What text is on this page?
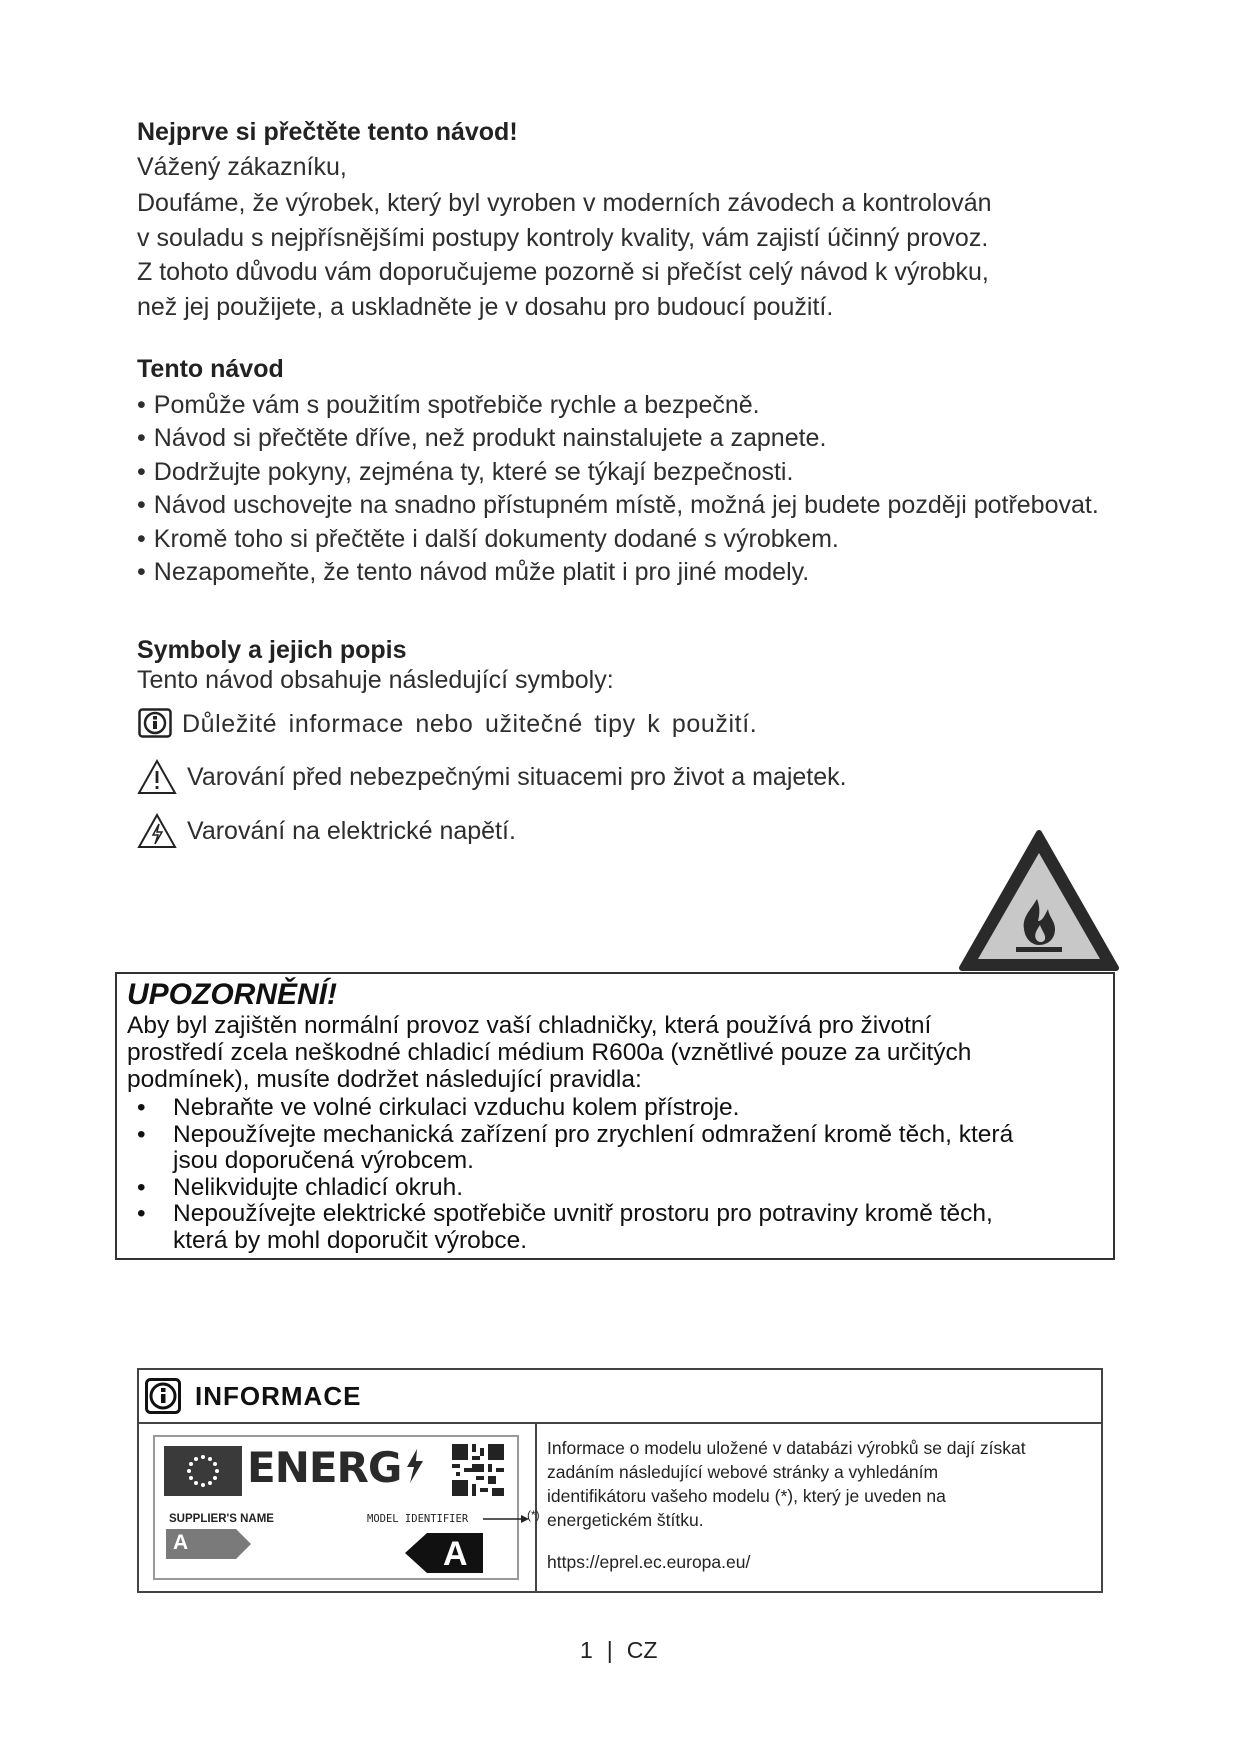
Nejprve si přečtěte tento návod!
Vážený zákazníku,
Doufáme, že výrobek, který byl vyroben v moderních závodech a kontrolován
v souladu s nejpřísnějšími postupy kontroly kvality, vám zajistí účinný provoz.
Z tohoto důvodu vám doporučujeme pozorně si přečíst celý návod k výrobku,
než jej použijete, a uskladněte je v dosahu pro budoucí použití.
Tento návod
• Pomůže vám s použitím spotřebiče rychle a bezpečně.
• Návod si přečtěte dříve, než produkt nainstalujete a zapnete.
• Dodržujte pokyny, zejména ty, které se týkají bezpečnosti.
• Návod uschovejte na snadno přístupném místě, možná jej budete později potřebovat.
• Kromě toho si přečtěte i další dokumenty dodané s výrobkem.
• Nezapomeňte, že tento návod může platit i pro jiné modely.
Symboly a jejich popis
Tento návod obsahuje následující symboly:
Důležité informace nebo užitečné tipy k použití.
Varování před nebezpečnými situacemi pro život a majetek.
Varování na elektrické napětí.
UPOZORNĚNÍ!
Aby byl zajištěn normální provoz vaší chladničky, která používá pro životní
prostředí zcela neškodné chladicí médium R600a (vznětlivé pouze za určitých
podmínek), musíte dodržet následující pravidla:
• Nebraňte ve volné cirkulaci vzduchu kolem přístroje.
• Nepoužívejte mechanická zařízení pro zrychlení odmražení kromě těch, která
jsou doporučená výrobcem.
• Nelikvidujte chladicí okruh.
• Nepoužívejte elektrické spotřebiče uvnitř prostoru pro potraviny kromě těch,
která by mohl doporučit výrobce.
INFORMACE
ENERG
SUPPLIER'S NAME	MODEL IDENTIFIER
A	A
(*)
Informace o modelu uložené v databázi výrobků se dají získat
zadáním následující webové stránky a vyhledáním
identifikátoru vašeho modelu (*), který je uveden na
energetickém štítku.
https://eprel.ec.europa.eu/
1 | CZ
